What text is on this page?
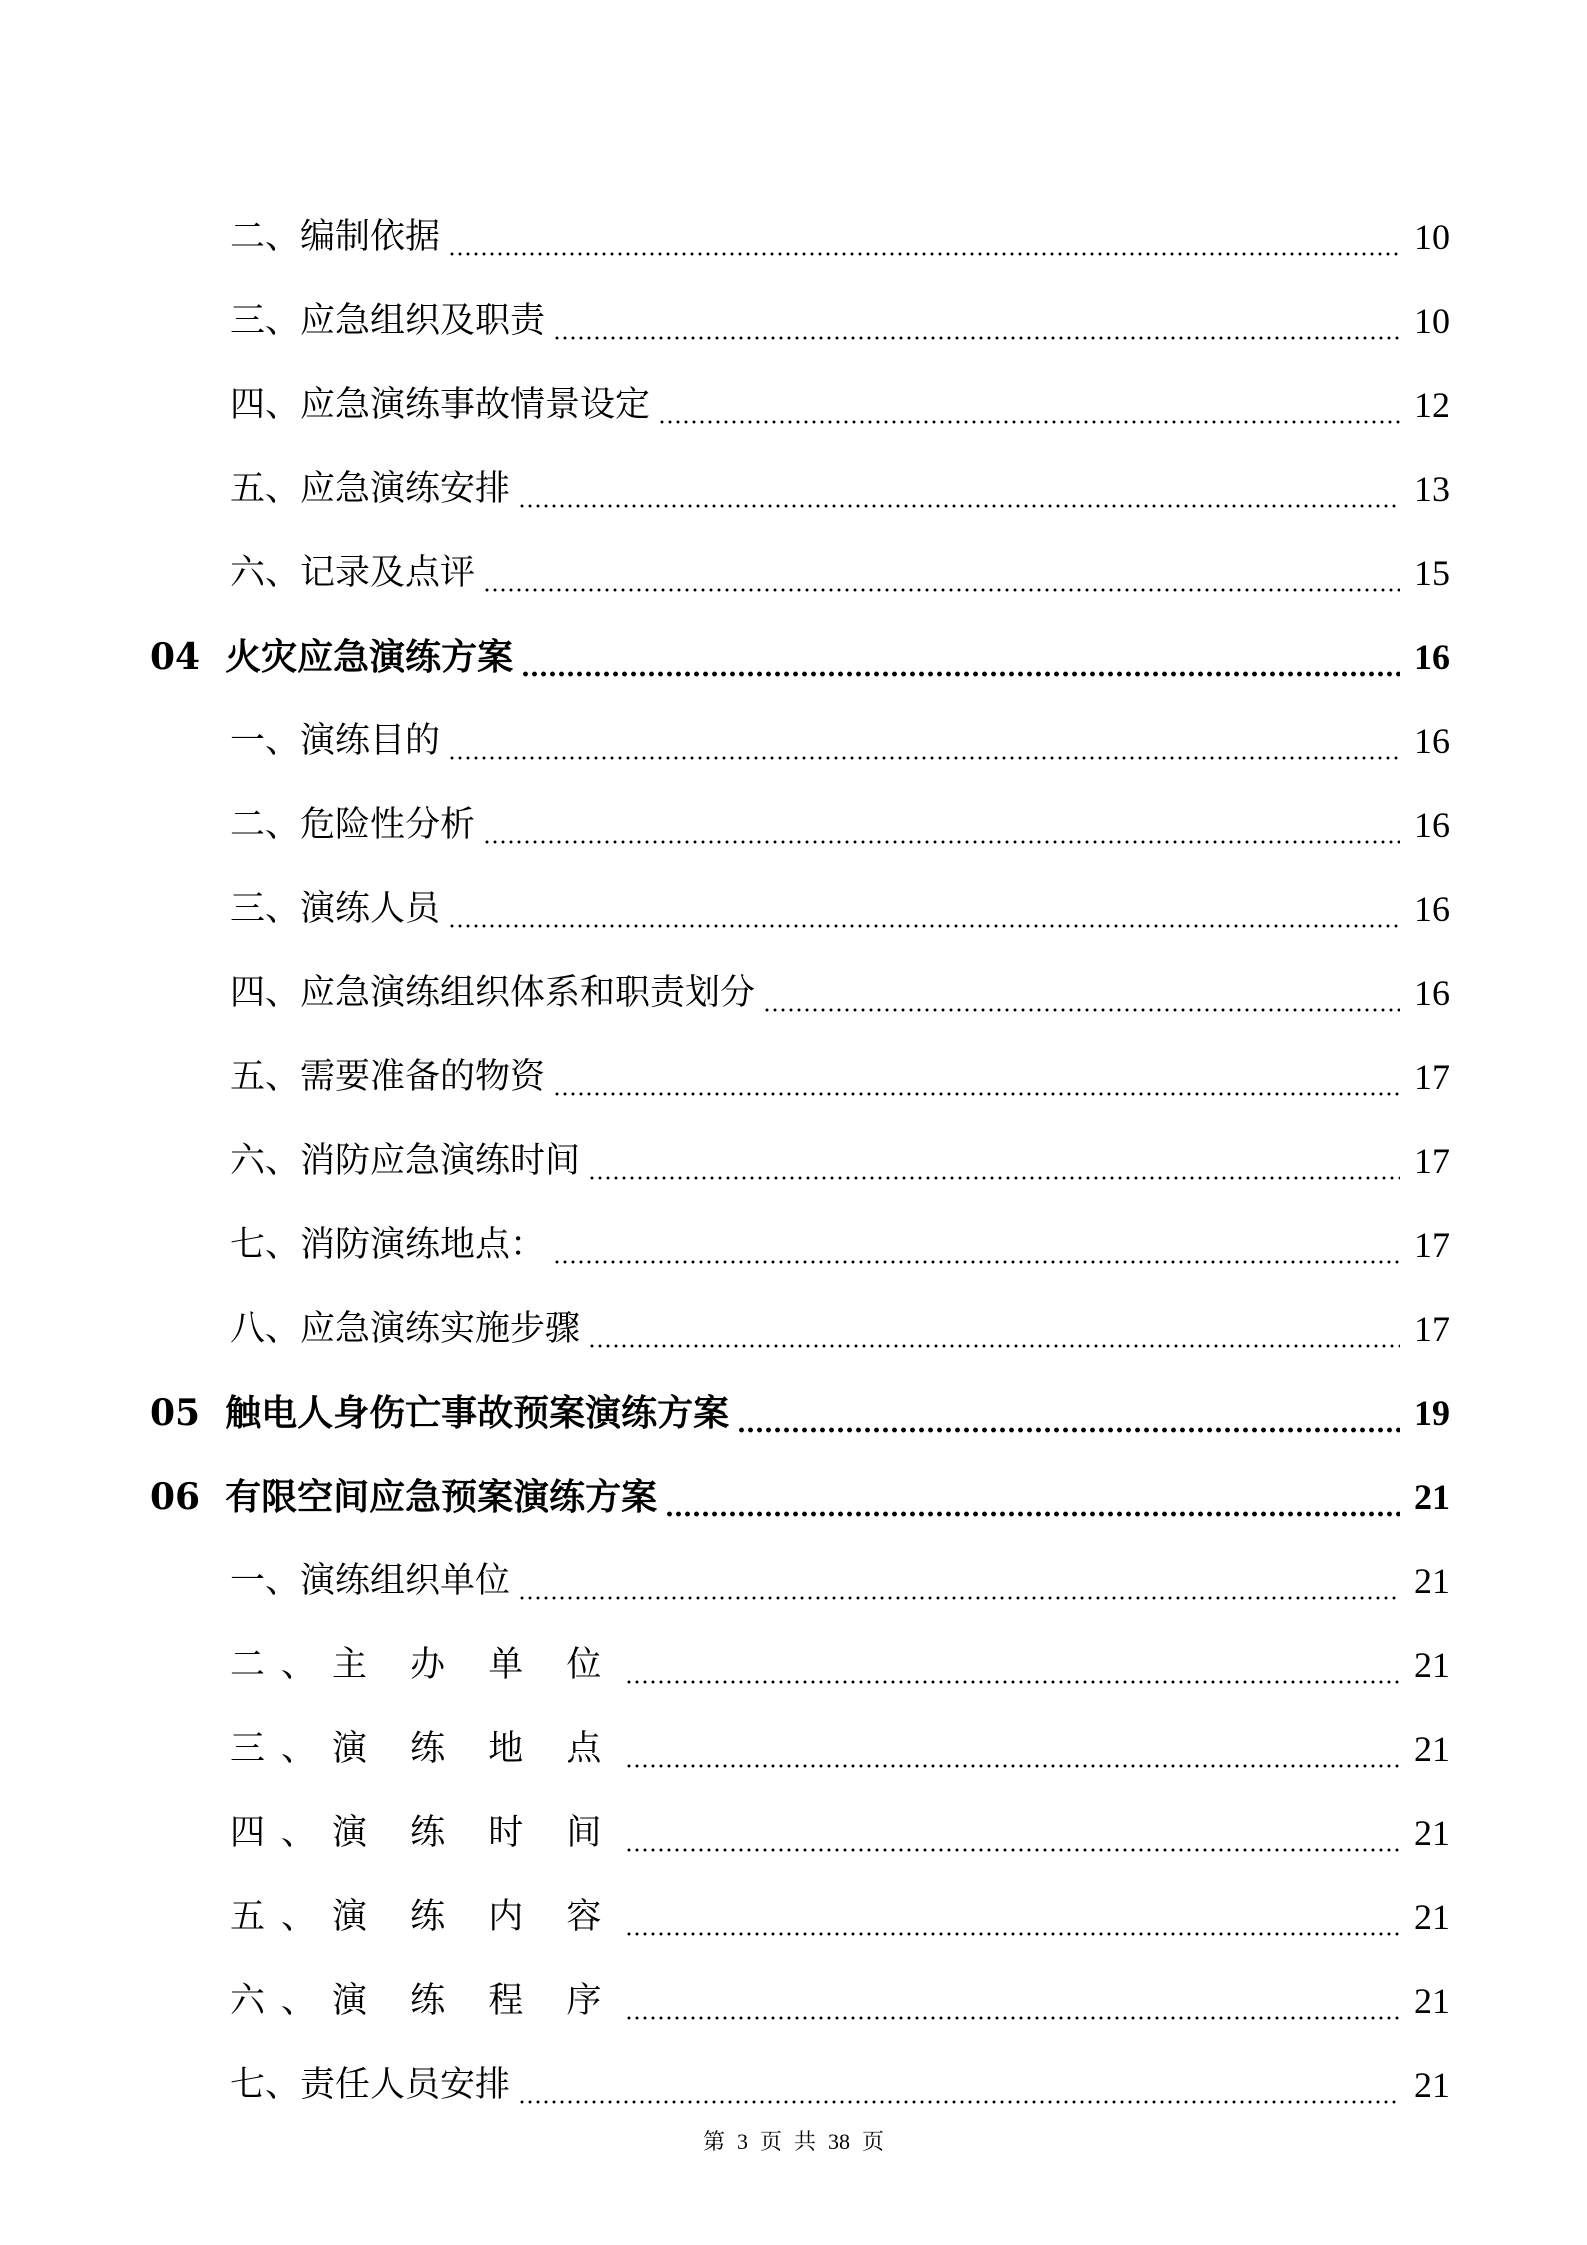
二、编制依据	10
三、应急组织及职责	10
四、应急演练事故情景设定	12
五、应急演练安排	13
六、记录及点评	15
04  火灾应急演练方案	16
一、演练目的	16
二、危险性分析	16
三、演练人员	16
四、应急演练组织体系和职责划分	16
五、需要准备的物资	17
六、消防应急演练时间	17
七、消防演练地点：	17
八、应急演练实施步骤	17
05  触电人身伤亡事故预案演练方案	19
06  有限空间应急预案演练方案	21
一、演练组织单位	21
二、主 办 单 位	21
三、演 练 地 点	21
四、演 练 时 间	21
五、演 练 内 容	21
六、演 练 程 序	21
七、责任人员安排	21
第 3 页 共 38 页
